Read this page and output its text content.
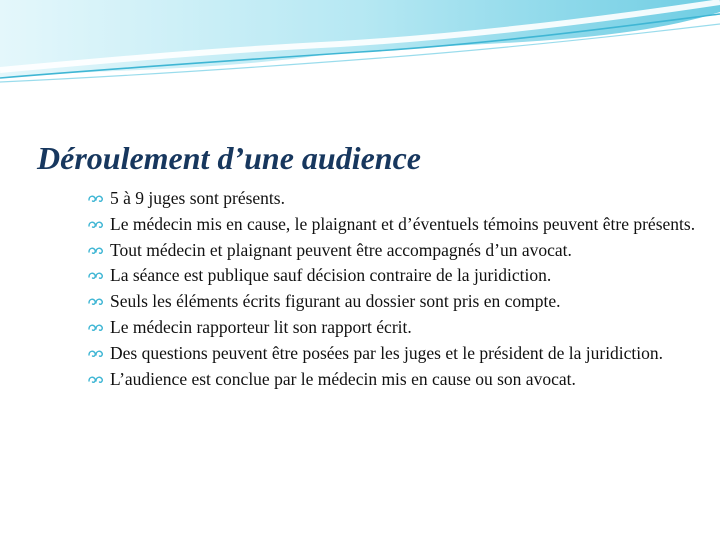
Déroulement d’une audience
5 à 9 juges sont présents.
Le médecin mis en cause, le plaignant et d’éventuels témoins peuvent être présents.
Tout médecin et plaignant peuvent être accompagnés d’un avocat.
La séance est publique sauf décision contraire de la juridiction.
Seuls les éléments écrits figurant au dossier sont pris en compte.
Le médecin rapporteur lit son rapport écrit.
Des questions peuvent être posées par les juges et le président de la juridiction.
L’audience est conclue par le médecin mis en cause ou son avocat.
